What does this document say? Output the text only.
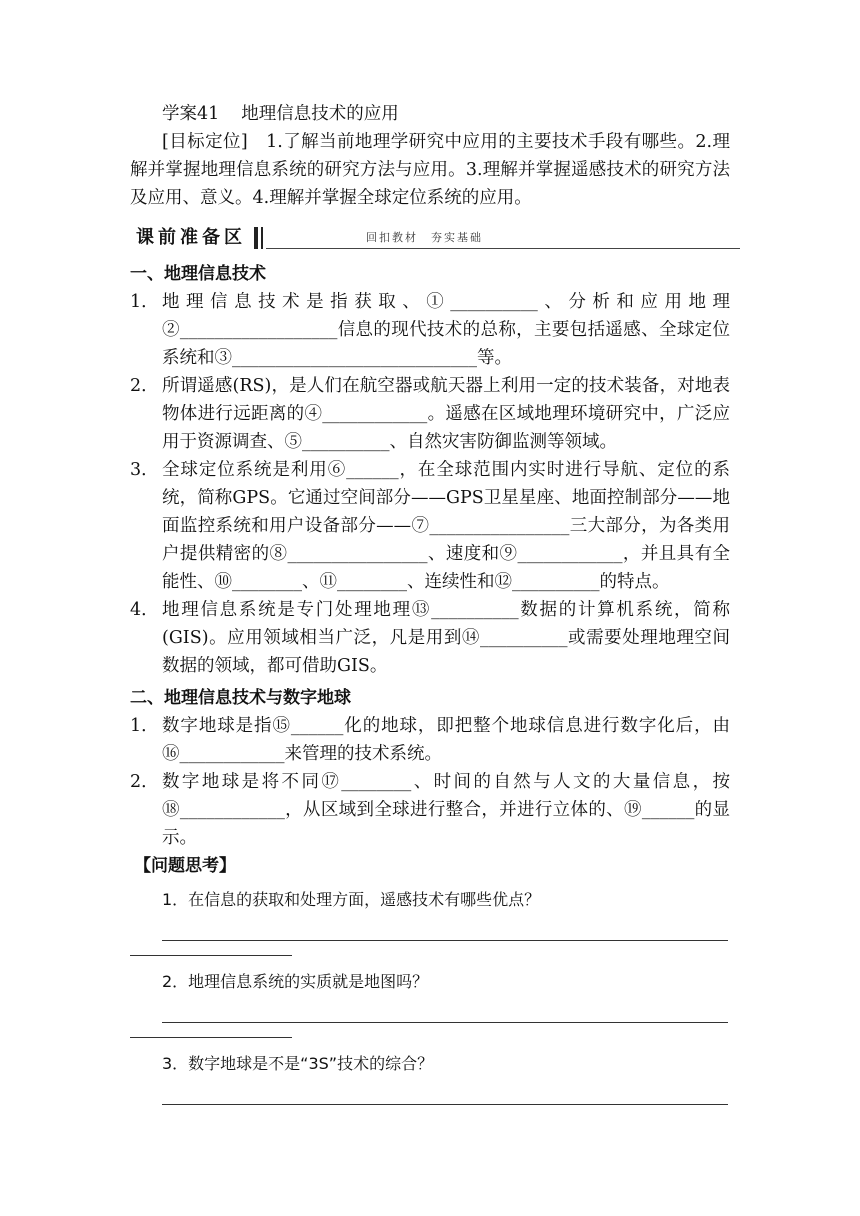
学案41 地理信息技术的应用
[目标定位]　1.了解当前地理学研究中应用的主要技术手段有哪些。2.理解并掌握地理信息系统的研究方法与应用。3.理解并掌握遥感技术的研究方法及应用、意义。4.理解并掌握全球定位系统的应用。
课前准备区	回扣教材　夯实基础
一、地理信息技术
1． 地理信息技术是指获取、①__________、分析和应用地理②__________________信息的现代技术的总称，主要包括遥感、全球定位系统和③____________________________等。
2． 所谓遥感(RS)，是人们在航空器或航天器上利用一定的技术装备，对地表物体进行远距离的④____________。遥感在区域地理环境研究中，广泛应用于资源调查、⑤__________、自然灾害防御监测等领域。
3． 全球定位系统是利用⑥______，在全球范围内实时进行导航、定位的系统，简称GPS。它通过空间部分——GPS卫星星座、地面控制部分——地面监控系统和用户设备部分——⑦________________三大部分，为各类用户提供精密的⑧________________、速度和⑨____________，并且具有全能性、⑩________、⑪________、连续性和⑫__________的特点。
4． 地理信息系统是专门处理地理⑬__________数据的计算机系统，简称(GIS)。应用领域相当广泛，凡是用到⑭__________或需要处理地理空间数据的领域，都可借助GIS。
二、地理信息技术与数字地球
1． 数字地球是指⑮______化的地球，即把整个地球信息进行数字化后，由⑯____________来管理的技术系统。
2． 数字地球是将不同⑰________、时间的自然与人文的大量信息，按⑱____________，从区域到全球进行整合，并进行立体的、⑲______的显示。
【问题思考】
1．在信息的获取和处理方面，遥感技术有哪些优点？
2．地理信息系统的实质就是地图吗？
3．数字地球是不是“3S”技术的综合？
